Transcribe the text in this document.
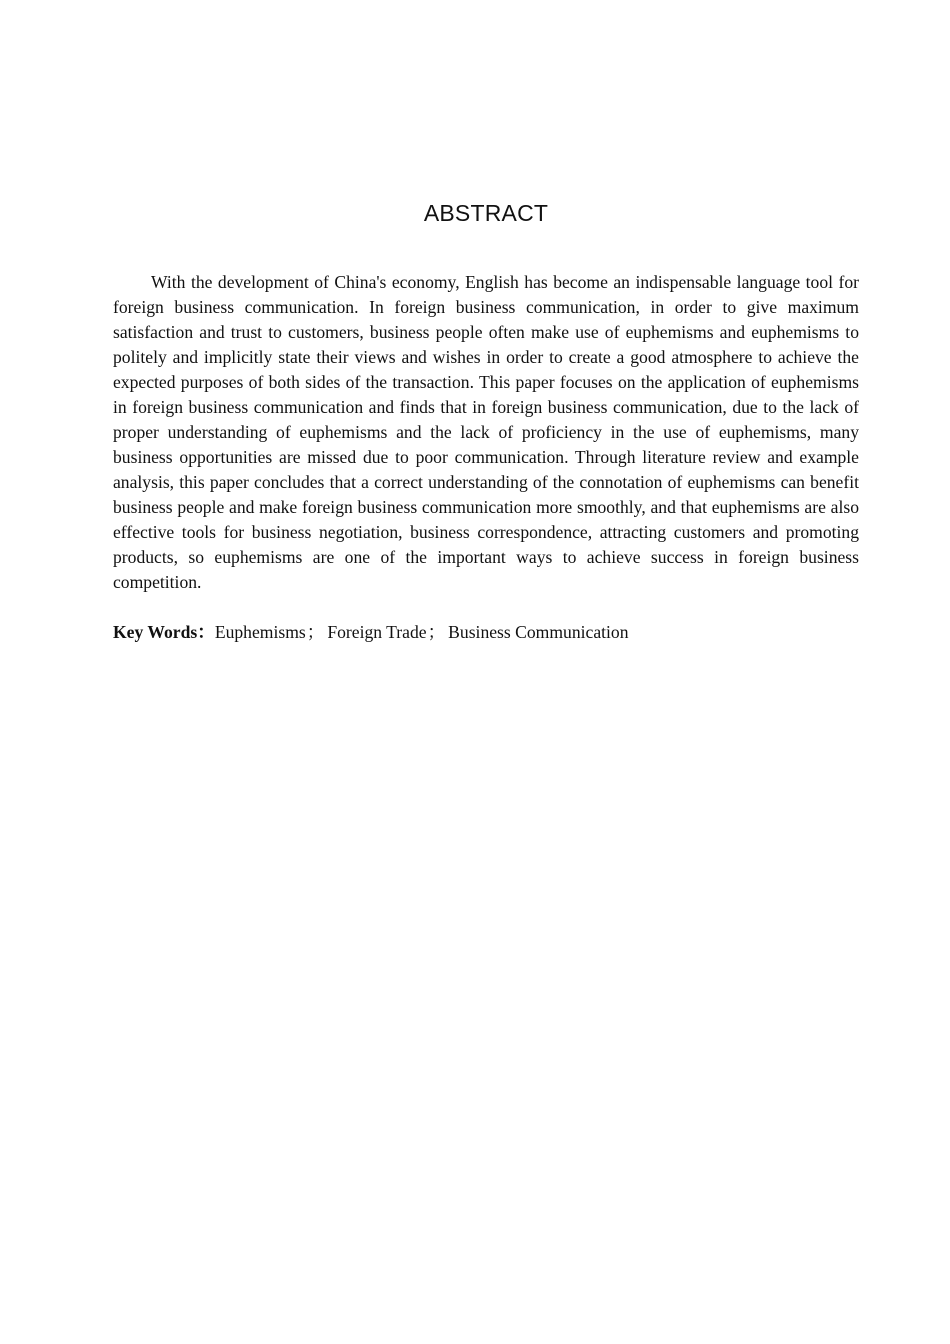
ABSTRACT

With the development of China's economy, English has become an indispensable language tool for foreign business communication. In foreign business communication, in order to give maximum satisfaction and trust to customers, business people often make use of euphemisms and euphemisms to politely and implicitly state their views and wishes in order to create a good atmosphere to achieve the expected purposes of both sides of the transaction. This paper focuses on the application of euphemisms in foreign business communication and finds that in foreign business communication, due to the lack of proper understanding of euphemisms and the lack of proficiency in the use of euphemisms, many business opportunities are missed due to poor communication. Through literature review and example analysis, this paper concludes that a correct understanding of the connotation of euphemisms can benefit business people and make foreign business communication more smoothly, and that euphemisms are also effective tools for business negotiation, business correspondence, attracting customers and promoting products, so euphemisms are one of the important ways to achieve success in foreign business competition.

Key Words：Euphemisms； Foreign Trade； Business Communication
